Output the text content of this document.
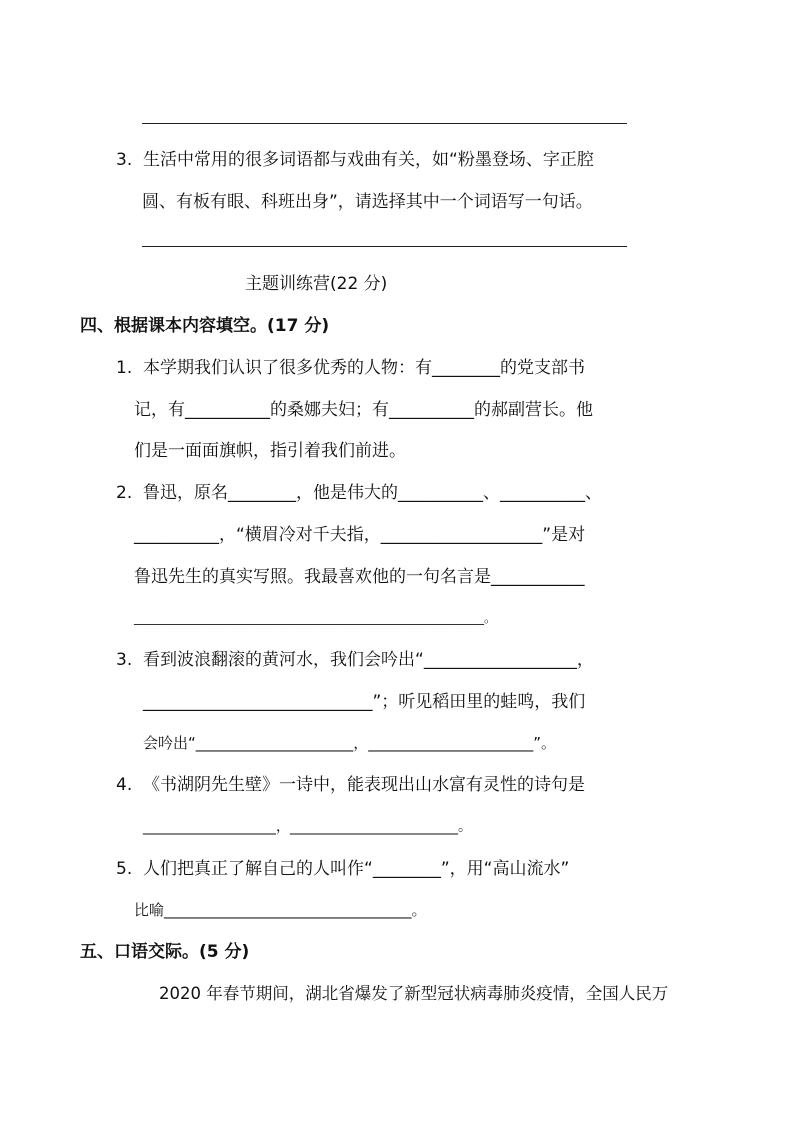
3.  生活中常用的很多词语都与戏曲有关，如“粉墨登场、字正腔
圆、有板有眼、科班出身”，请选择其中一个词语写一句话。
主题训练营(22 分)
四、根据课本内容填空。(17 分)
1.  本学期我们认识了很多优秀的人物：有________的党支部书
记，有__________的桑娜夫妇；有__________的郝副营长。他
们是一面面旗帜，指引着我们前进。
2.  鲁迅，原名________，他是伟大的__________、__________、
__________，“横眉冷对千夫指，___________________”是对
鲁迅先生的真实写照。我最喜欢他的一句名言是___________
________________________________________________________。
3.  看到波浪翻滚的黄河水，我们会吟出“__________________，
___________________________”；听见稻田里的蛙鸣，我们
会吟出“_____________________，______________________”。
4.  《书湖阴先生壁》一诗中，能表现出山水富有灵性的诗句是
___________________，________________________。
5.  人们把真正了解自己的人叫作“________”，用“高山流水”
比喻_________________________________。
五、口语交际。(5 分)
2020 年春节期间，湖北省爆发了新型冠状病毒肺炎疫情，全国人民万
